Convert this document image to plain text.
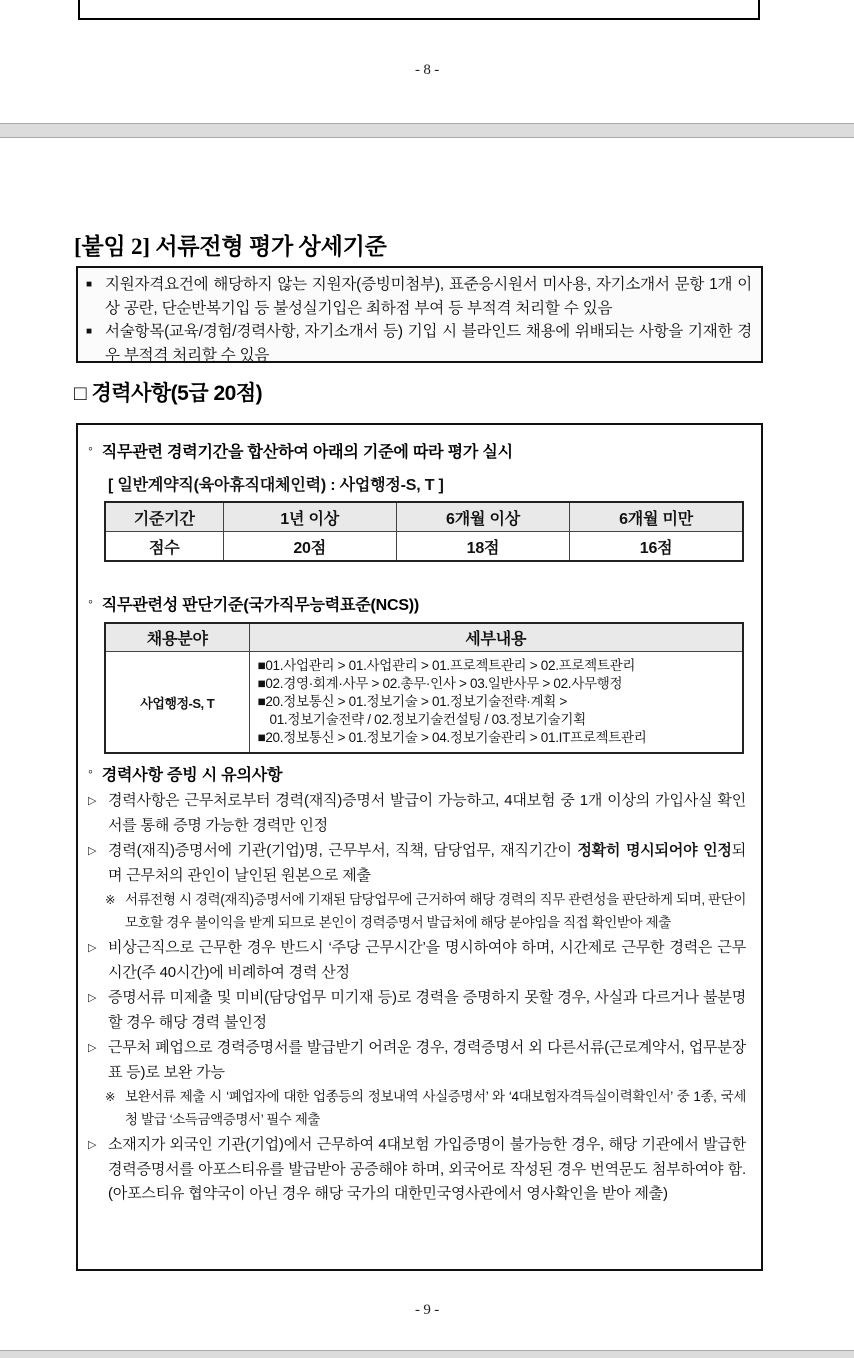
- 8 -
[붙임 2] 서류전형 평가 상세기준
■ 지원자격요건에 해당하지 않는 지원자(증빙미첨부), 표준응시원서 미사용, 자기소개서 문항 1개 이상 공란, 단순반복기입 등 불성실기입은 최하점 부여 등 부적격 처리할 수 있음
■ 서술항목(교육/경험/경력사항, 자기소개서 등) 기입 시 블라인드 채용에 위배되는 사항을 기재한 경우 부적격 처리할 수 있음
□ 경력사항(5급 20점)
◦ 직무관련 경력기간을 합산하여 아래의 기준에 따라 평가 실시
[ 일반계약직(육아휴직대체인력) : 사업행정-S, T ]
기준기간	1년 이상	6개월 이상	6개월 미만
점수	20점	18점	16점
◦ 직무관련성 판단기준(국가직무능력표준(NCS))
채용분야	세부내용
사업행정-S, T	■01.사업관리 > 01.사업관리 > 01.프로젝트관리 > 02.프로젝트관리
■02.경영·회계·사무 > 02.총무·인사 > 03.일반사무 > 02.사무행정
■20.정보통신 > 01.정보기술 > 01.정보기술전략·계획 >
01.정보기술전략 / 02.정보기술컨설팅 / 03.정보기술기획
■20.정보통신 > 01.정보기술 > 04.정보기술관리 > 01.IT프로젝트관리
◦ 경력사항 증빙 시 유의사항
▷ 경력사항은 근무처로부터 경력(재직)증명서 발급이 가능하고, 4대보험 중 1개 이상의 가입사실 확인서를 통해 증명 가능한 경력만 인정
▷ 경력(재직)증명서에 기관(기업)명, 근무부서, 직책, 담당업무, 재직기간이 정확히 명시되어야 인정되며 근무처의 관인이 날인된 원본으로 제출
※ 서류전형 시 경력(재직)증명서에 기재된 담당업무에 근거하여 해당 경력의 직무 관련성을 판단하게 되며, 판단이 모호할 경우 불이익을 받게 되므로 본인이 경력증명서 발급처에 해당 분야임을 직접 확인받아 제출
▷ 비상근직으로 근무한 경우 반드시 ‘주당 근무시간’을 명시하여야 하며, 시간제로 근무한 경력은 근무시간(주 40시간)에 비례하여 경력 산정
▷ 증명서류 미제출 및 미비(담당업무 미기재 등)로 경력을 증명하지 못할 경우, 사실과 다르거나 불분명할 경우 해당 경력 불인정
▷ 근무처 폐업으로 경력증명서를 발급받기 어려운 경우, 경력증명서 외 다른서류(근로계약서, 업무분장표 등)로 보완 가능
※ 보완서류 제출 시 ‘폐업자에 대한 업종등의 정보내역 사실증명서’ 와 ‘4대보험자격득실이력확인서’ 중 1종, 국세청 발급 ‘소득금액증명서’ 필수 제출
▷ 소재지가 외국인 기관(기업)에서 근무하여 4대보험 가입증명이 불가능한 경우, 해당 기관에서 발급한 경력증명서를 아포스티유를 발급받아 공증해야 하며, 외국어로 작성된 경우 번역문도 첨부하여야 함. (아포스티유 협약국이 아닌 경우 해당 국가의 대한민국영사관에서 영사확인을 받아 제출)
- 9 -
